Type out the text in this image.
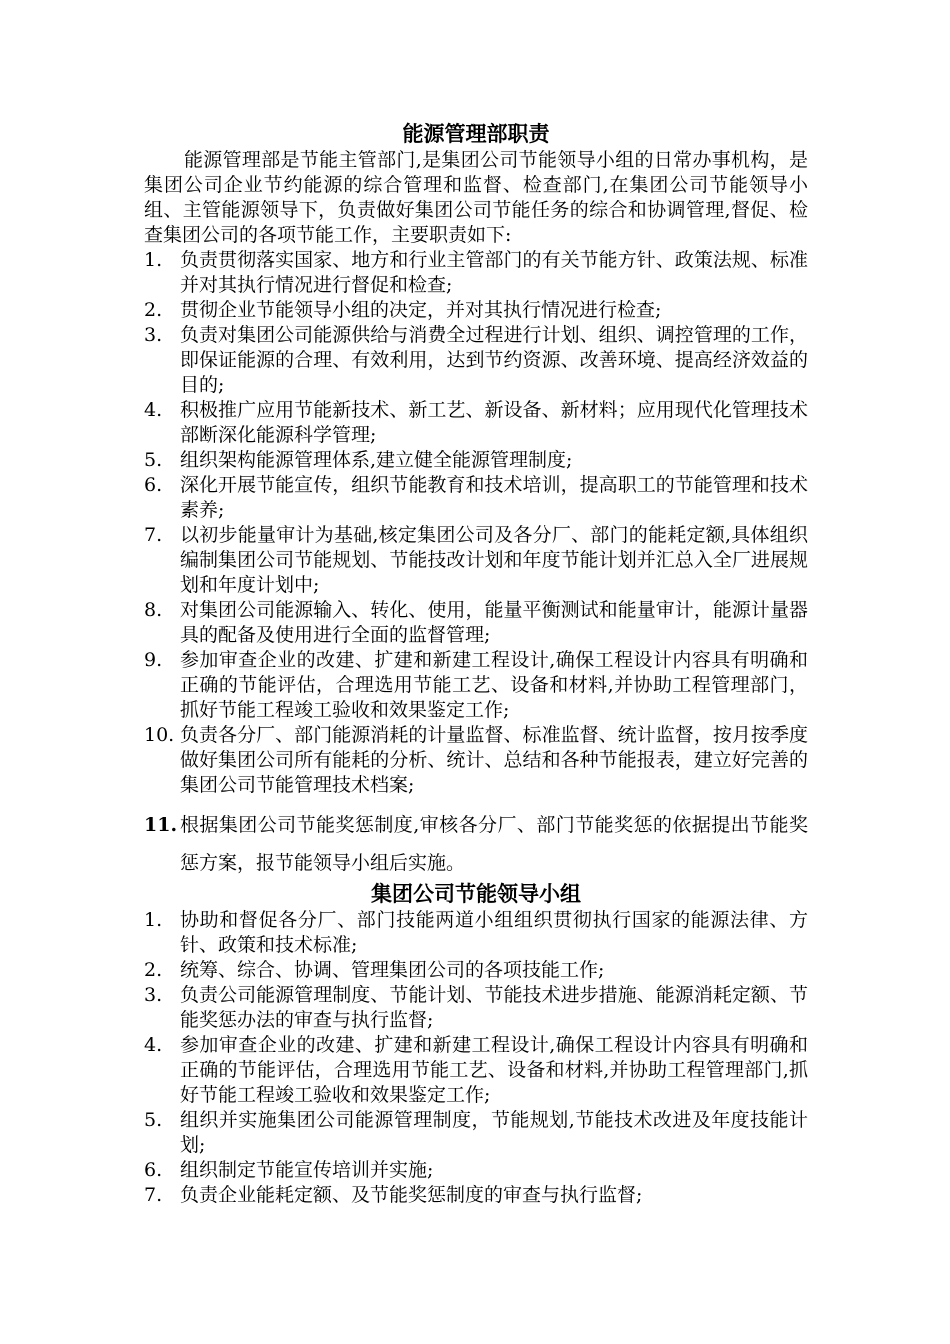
能源管理部职责

能源管理部是节能主管部门,是集团公司节能领导小组的日常办事机构，是集团公司企业节约能源的综合管理和监督、检查部门,在集团公司节能领导小组、主管能源领导下，负责做好集团公司节能任务的综合和协调管理,督促、检查集团公司的各项节能工作，主要职责如下:

1. 负责贯彻落实国家、地方和行业主管部门的有关节能方针、政策法规、标准并对其执行情况进行督促和检查;
2. 贯彻企业节能领导小组的决定，并对其执行情况进行检查;
3. 负责对集团公司能源供给与消费全过程进行计划、组织、调控管理的工作，即保证能源的合理、有效利用，达到节约资源、改善环境、提高经济效益的目的;
4. 积极推广应用节能新技术、新工艺、新设备、新材料；应用现代化管理技术部断深化能源科学管理;
5. 组织架构能源管理体系,建立健全能源管理制度;
6. 深化开展节能宣传，组织节能教育和技术培训，提高职工的节能管理和技术素养;
7. 以初步能量审计为基础,核定集团公司及各分厂、部门的能耗定额,具体组织编制集团公司节能规划、节能技改计划和年度节能计划并汇总入全厂进展规划和年度计划中;
8. 对集团公司能源输入、转化、使用，能量平衡测试和能量审计，能源计量器具的配备及使用进行全面的监督管理;
9. 参加审查企业的改建、扩建和新建工程设计,确保工程设计内容具有明确和正确的节能评估，合理选用节能工艺、设备和材料,并协助工程管理部门，抓好节能工程竣工验收和效果鉴定工作;
10. 负责各分厂、部门能源消耗的计量监督、标准监督、统计监督，按月按季度做好集团公司所有能耗的分析、统计、总结和各种节能报表，建立好完善的集团公司节能管理技术档案;
11. 根据集团公司节能奖惩制度,审核各分厂、部门节能奖惩的依据提出节能奖惩方案，报节能领导小组后实施。
集团公司节能领导小组
1. 协助和督促各分厂、部门技能两道小组组织贯彻执行国家的能源法律、方针、政策和技术标准;
2. 统筹、综合、协调、管理集团公司的各项技能工作;
3. 负责公司能源管理制度、节能计划、节能技术进步措施、能源消耗定额、节能奖惩办法的审查与执行监督;
4. 参加审查企业的改建、扩建和新建工程设计,确保工程设计内容具有明确和正确的节能评估，合理选用节能工艺、设备和材料,并协助工程管理部门,抓好节能工程竣工验收和效果鉴定工作;
5. 组织并实施集团公司能源管理制度，节能规划,节能技术改进及年度技能计划;
6. 组织制定节能宣传培训并实施;
7. 负责企业能耗定额、及节能奖惩制度的审查与执行监督;
